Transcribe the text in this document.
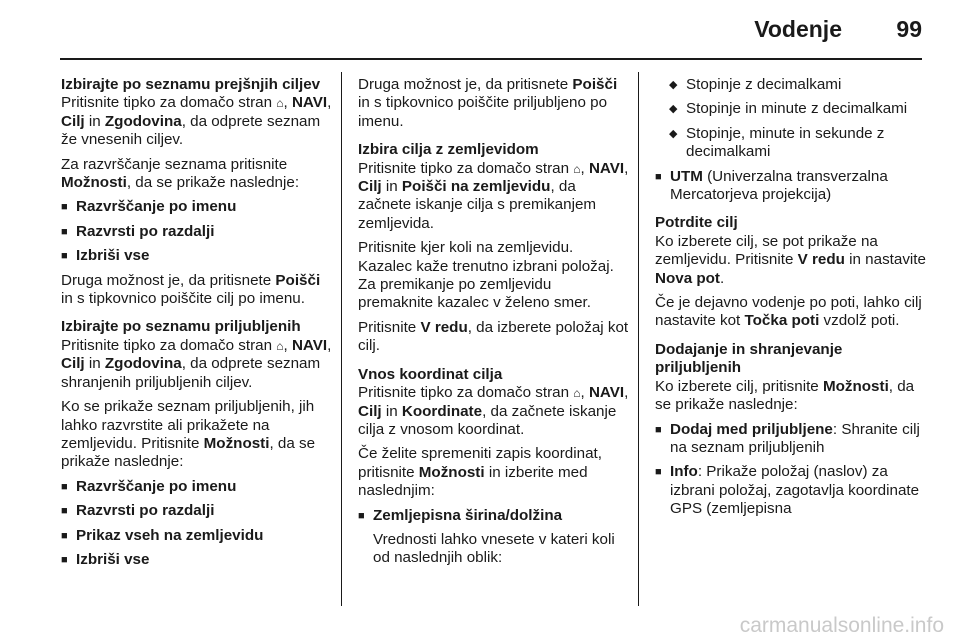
Vodenje 99
Izbirajte po seznamu prejšnjih ciljev

Pritisnite tipko za domačo stran ⌂, NAVI, Cilj in Zgodovina, da odprete seznam že vnesenih ciljev.

Za razvrščanje seznama pritisnite Možnosti, da se prikaže naslednje:

■ Razvrščanje po imenu
■ Razvrsti po razdalji
■ Izbriši vse

Druga možnost je, da pritisnete Poišči in s tipkovnico poiščite cilj po imenu.

Izbirajte po seznamu priljubljenih

Pritisnite tipko za domačo stran ⌂, NAVI, Cilj in Zgodovina, da odprete seznam shranjenih priljubljenih ciljev.

Ko se prikaže seznam priljubljenih, jih lahko razvrstite ali prikažete na zemljevidu. Pritisnite Možnosti, da se prikaže naslednje:

■ Razvrščanje po imenu
■ Razvrsti po razdalji
■ Prikaz vseh na zemljevidu
■ Izbriši vse

Druga možnost je, da pritisnete Poišči in s tipkovnico poiščite priljubljeno po imenu.

Izbira cilja z zemljevidom

Pritisnite tipko za domačo stran ⌂, NAVI, Cilj in Poišči na zemljevidu, da začnete iskanje cilja s premikanjem zemljevida.

Pritisnite kjer koli na zemljevidu. Kazalec kaže trenutno izbrani položaj. Za premikanje po zemljevidu premaknite kazalec v želeno smer.

Pritisnite V redu, da izberete položaj kot cilj.

Vnos koordinat cilja

Pritisnite tipko za domačo stran ⌂, NAVI, Cilj in Koordinate, da začnete iskanje cilja z vnosom koordinat.

Če želite spremeniti zapis koordinat, pritisnite Možnosti in izberite med naslednjim:

■ Zemljepisna širina/dolžina

Vrednosti lahko vnesete v kateri koli od naslednjih oblik:

◆ Stopinje z decimalkami
◆ Stopinje in minute z decimalkami
◆ Stopinje, minute in sekunde z decimalkami
■ UTM (Univerzalna transverzalna Mercatorjeva projekcija)
Potrdite cilj

Ko izberete cilj, se pot prikaže na zemljevidu. Pritisnite V redu in nastavite Nova pot.

Če je dejavno vodenje po poti, lahko cilj nastavite kot Točka poti vzdolž poti.

Dodajanje in shranjevanje priljubljenih

Ko izberete cilj, pritisnite Možnosti, da se prikaže naslednje:

■ Dodaj med priljubljene: Shranite cilj na seznam priljubljenih
■ Info: Prikaže položaj (naslov) za izbrani položaj, zagotavlja koordinate GPS (zemljepisna
carmanualsonline.info
